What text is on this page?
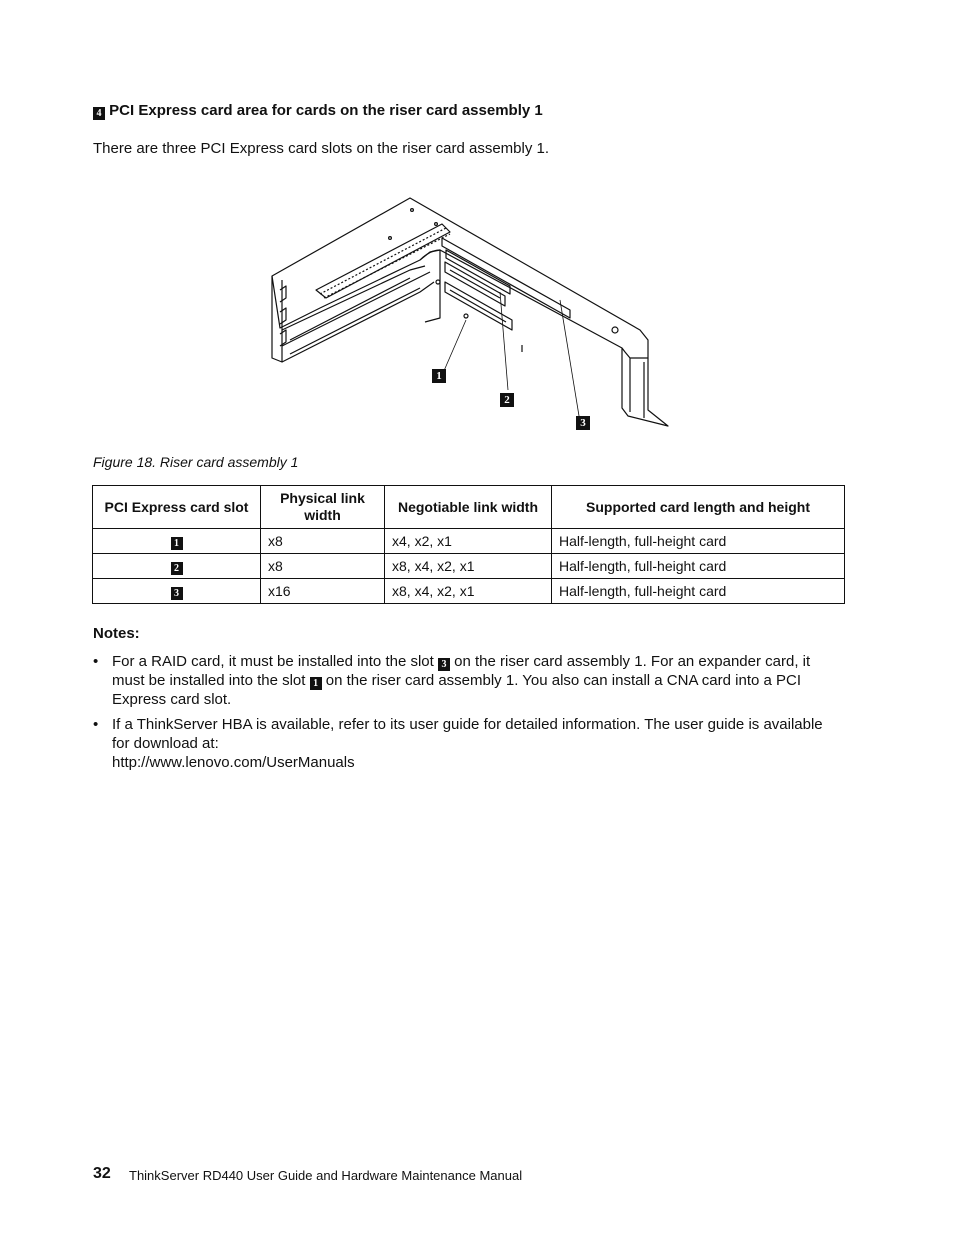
4 PCI Express card area for cards on the riser card assembly 1
There are three PCI Express card slots on the riser card assembly 1.
1
2
3
Figure 18. Riser card assembly 1
PCI Express card slot	Physical link width	Negotiable link width	Supported card length and height
1	x8	x4, x2, x1	Half-length, full-height card
2	x8	x8, x4, x2, x1	Half-length, full-height card
3	x16	x8, x4, x2, x1	Half-length, full-height card
Notes:
• For a RAID card, it must be installed into the slot 3 on the riser card assembly 1. For an expander card, it must be installed into the slot 1 on the riser card assembly 1. You also can install a CNA card into a PCI Express card slot.
• If a ThinkServer HBA is available, refer to its user guide for detailed information. The user guide is available for download at:
http://www.lenovo.com/UserManuals
32 ThinkServer RD440 User Guide and Hardware Maintenance Manual
